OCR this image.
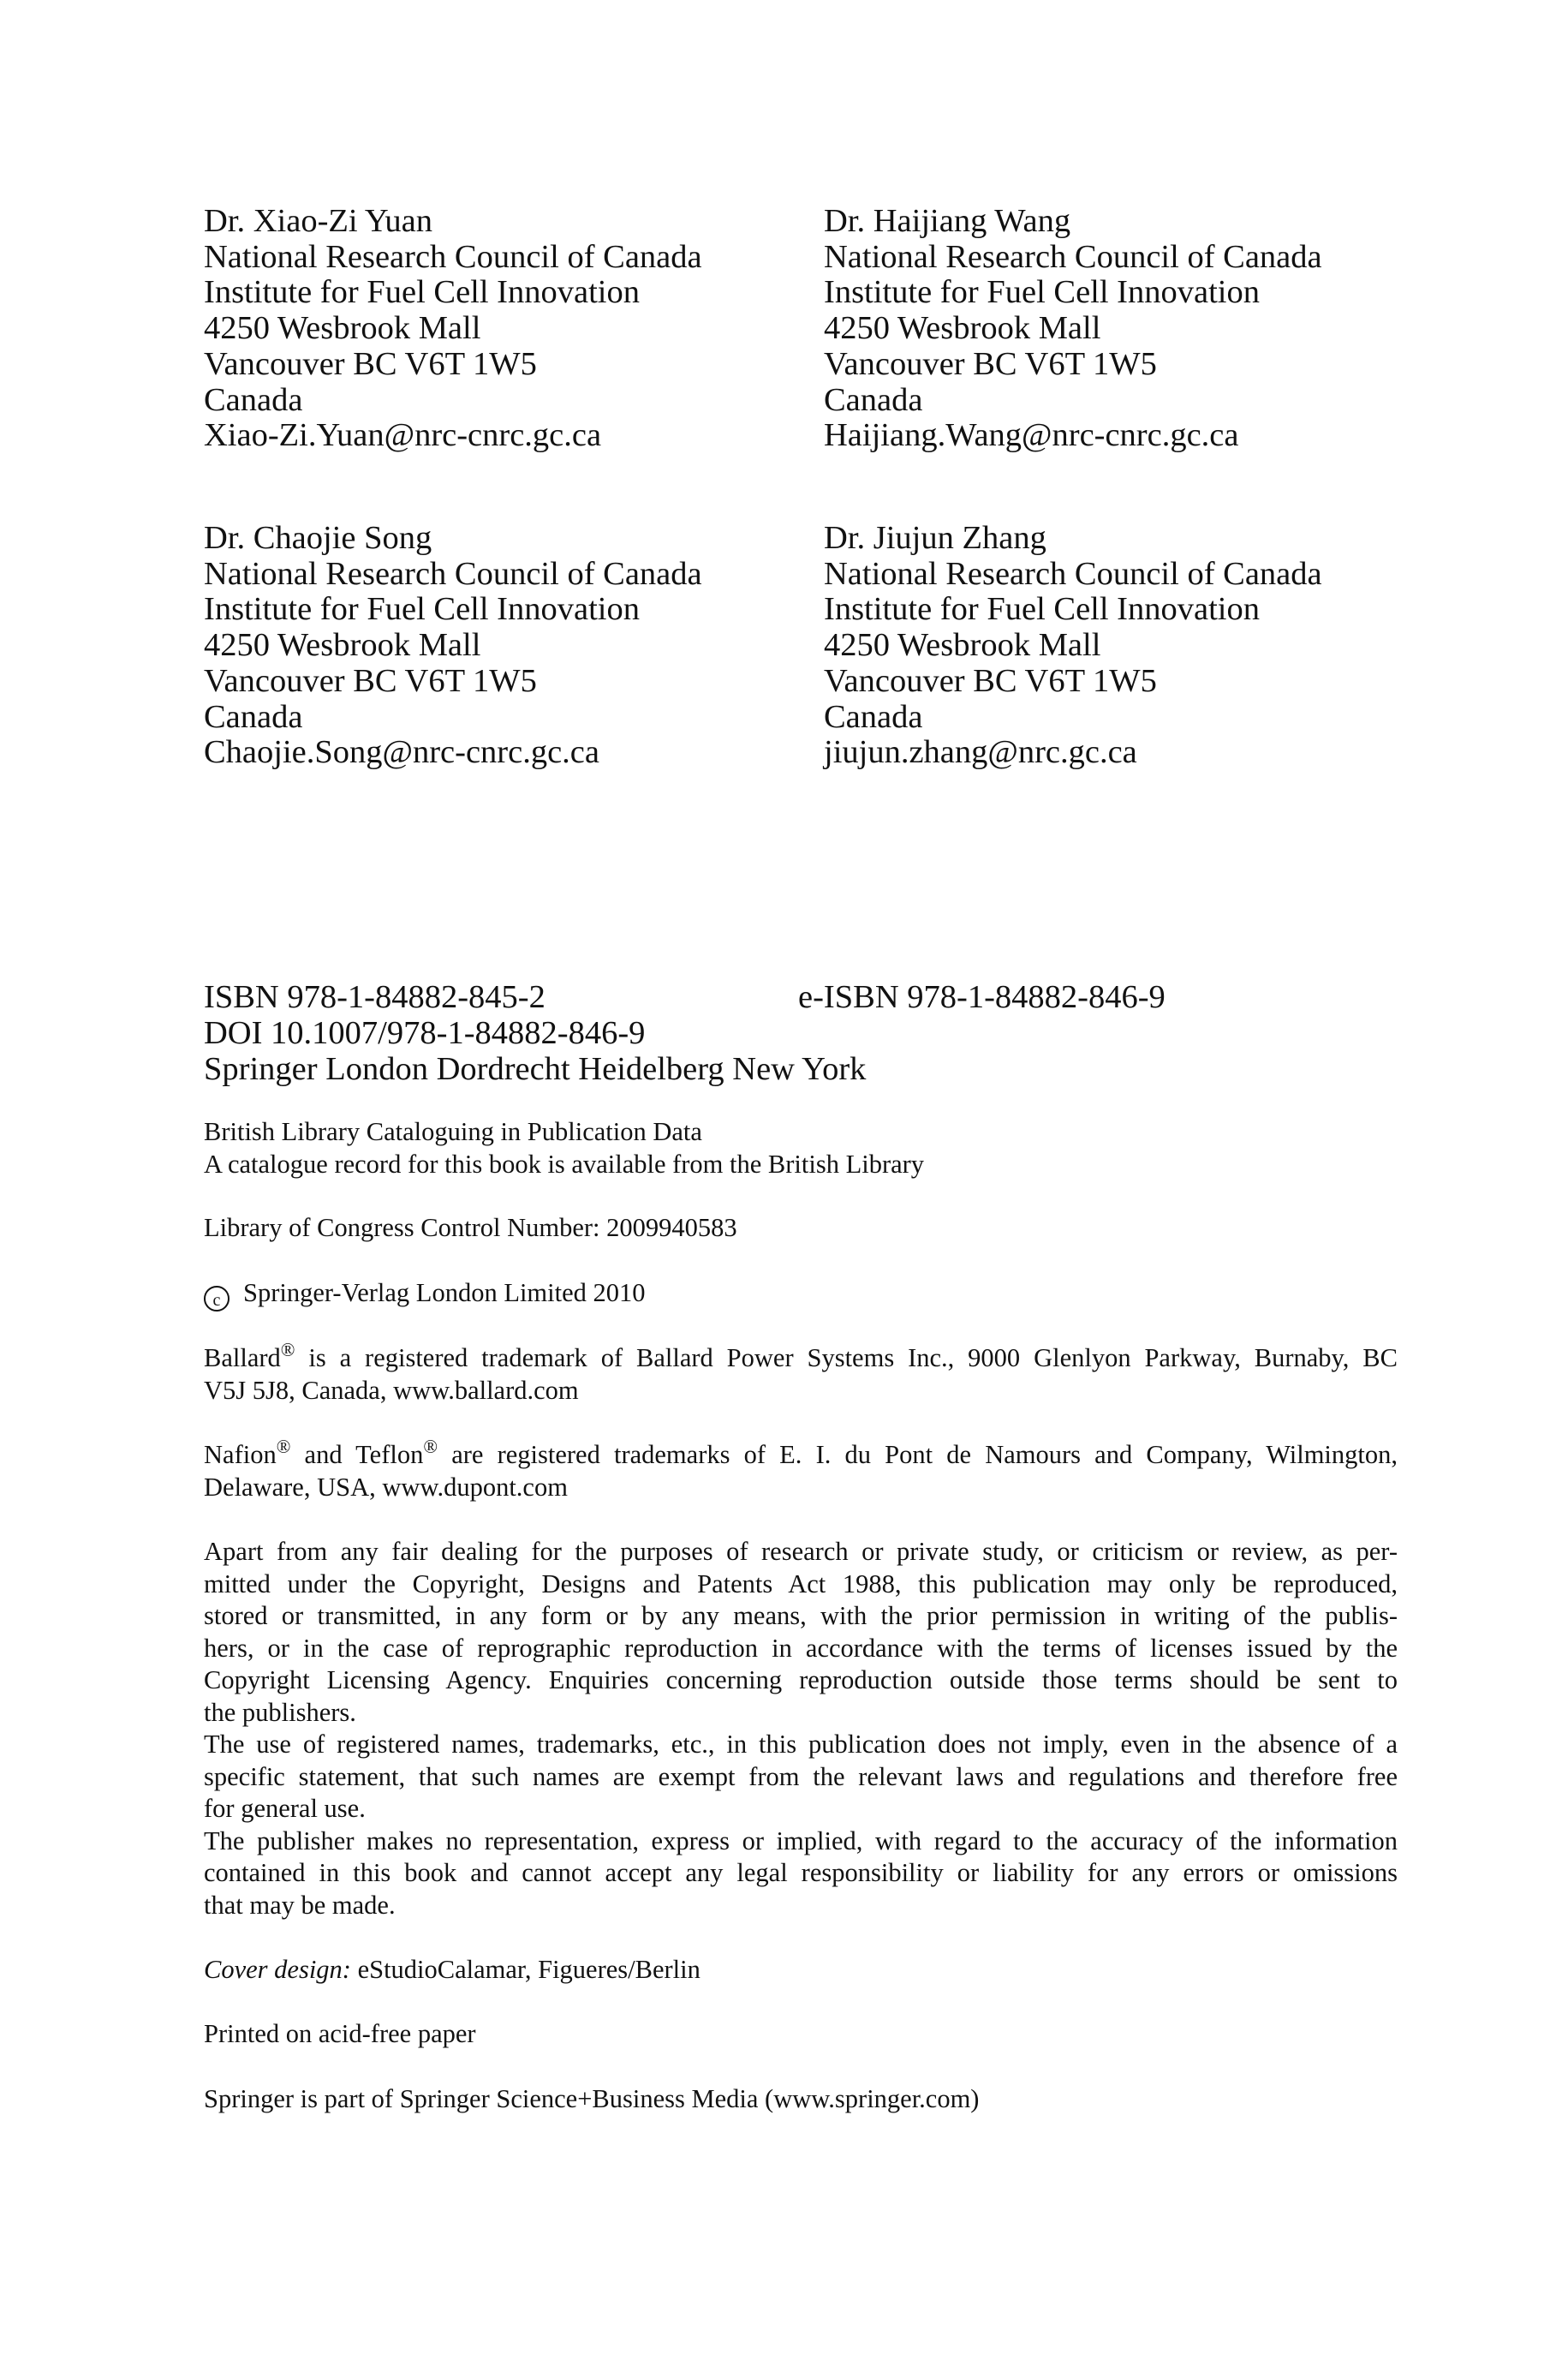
Dr. Xiao-Zi Yuan
National Research Council of Canada
Institute for Fuel Cell Innovation
4250 Wesbrook Mall
Vancouver BC V6T 1W5
Canada
Xiao-Zi.Yuan@nrc-cnrc.gc.ca
Dr. Haijiang Wang
National Research Council of Canada
Institute for Fuel Cell Innovation
4250 Wesbrook Mall
Vancouver BC V6T 1W5
Canada
Haijiang.Wang@nrc-cnrc.gc.ca
Dr. Chaojie Song
National Research Council of Canada
Institute for Fuel Cell Innovation
4250 Wesbrook Mall
Vancouver BC V6T 1W5
Canada
Chaojie.Song@nrc-cnrc.gc.ca
Dr. Jiujun Zhang
National Research Council of Canada
Institute for Fuel Cell Innovation
4250 Wesbrook Mall
Vancouver BC V6T 1W5
Canada
jiujun.zhang@nrc.gc.ca
ISBN 978-1-84882-845-2	e-ISBN 978-1-84882-846-9
DOI 10.1007/978-1-84882-846-9
Springer London Dordrecht Heidelberg New York
British Library Cataloguing in Publication Data
A catalogue record for this book is available from the British Library
Library of Congress Control Number: 2009940583
c Springer-Verlag London Limited 2010
Ballard® is a registered trademark of Ballard Power Systems Inc., 9000 Glenlyon Parkway, Burnaby, BC
V5J 5J8, Canada, www.ballard.com
Nafion® and Teflon® are registered trademarks of E. I. du Pont de Namours and Company, Wilmington,
Delaware, USA, www.dupont.com
Apart from any fair dealing for the purposes of research or private study, or criticism or review, as per-
mitted under the Copyright, Designs and Patents Act 1988, this publication may only be reproduced,
stored or transmitted, in any form or by any means, with the prior permission in writing of the publis-
hers, or in the case of reprographic reproduction in accordance with the terms of licenses issued by the
Copyright Licensing Agency. Enquiries concerning reproduction outside those terms should be sent to
the publishers.
The use of registered names, trademarks, etc., in this publication does not imply, even in the absence of a
specific statement, that such names are exempt from the relevant laws and regulations and therefore free
for general use.
The publisher makes no representation, express or implied, with regard to the accuracy of the information
contained in this book and cannot accept any legal responsibility or liability for any errors or omissions
that may be made.
Cover design: eStudioCalamar, Figueres/Berlin
Printed on acid-free paper
Springer is part of Springer Science+Business Media (www.springer.com)
